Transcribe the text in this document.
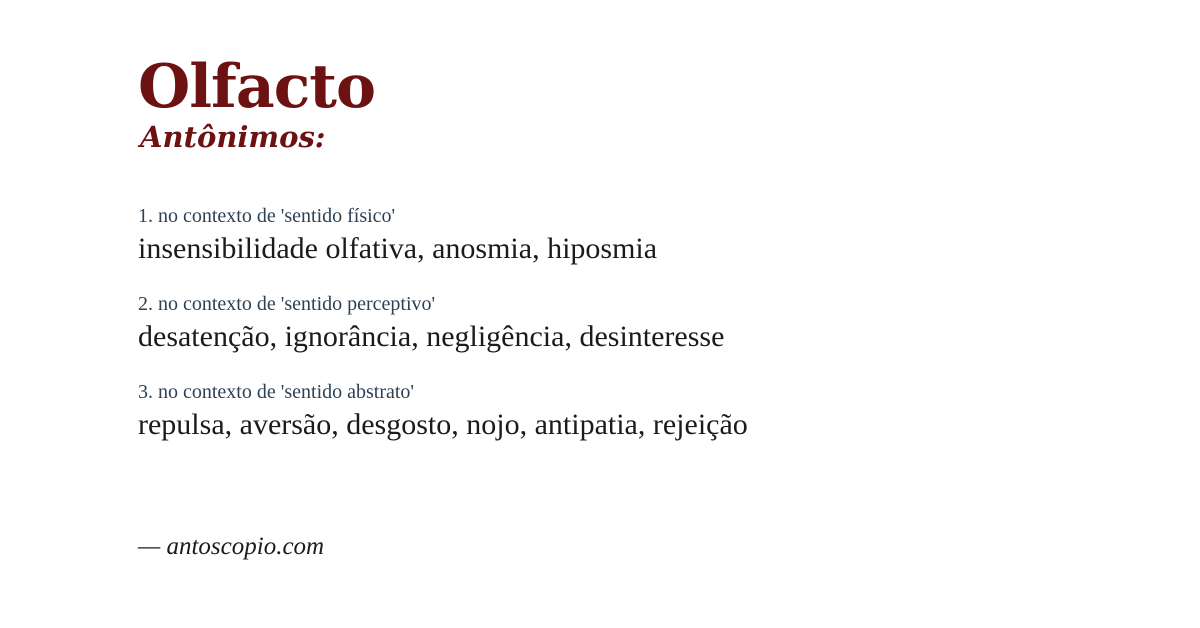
Olfacto
Antônimos:
1. no contexto de 'sentido físico'
insensibilidade olfativa, anosmia, hiposmia
2. no contexto de 'sentido perceptivo'
desatenção, ignorância, negligência, desinteresse
3. no contexto de 'sentido abstrato'
repulsa, aversão, desgosto, nojo, antipatia, rejeição
— antoscopio.com
